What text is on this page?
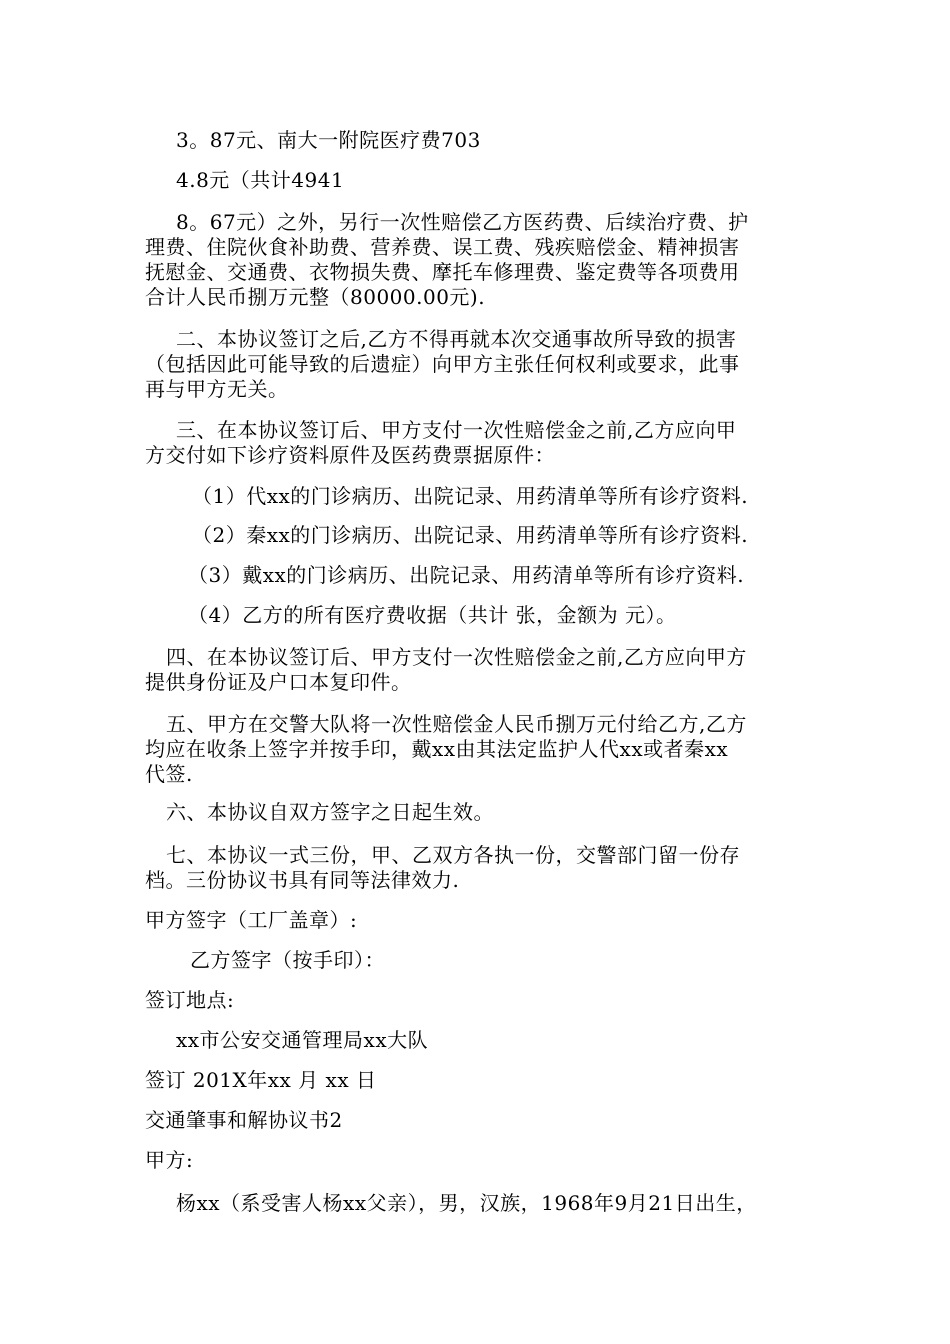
3。87元、南大一附院医疗费703
4.8元（共计4941
8。67元）之外，另行一次性赔偿乙方医药费、后续治疗费、护
理费、住院伙食补助费、营养费、误工费、残疾赔偿金、精神损害
抚慰金、交通费、衣物损失费、摩托车修理费、鉴定费等各项费用
合计人民币捌万元整（80000.00元).
二、本协议签订之后,乙方不得再就本次交通事故所导致的损害
（包括因此可能导致的后遗症）向甲方主张任何权利或要求，此事
再与甲方无关。
三、在本协议签订后、甲方支付一次性赔偿金之前,乙方应向甲
方交付如下诊疗资料原件及医药费票据原件：
（1）代xx的门诊病历、出院记录、用药清单等所有诊疗资料.
（2）秦xx的门诊病历、出院记录、用药清单等所有诊疗资料.
（3）戴xx的门诊病历、出院记录、用药清单等所有诊疗资料.
（4）乙方的所有医疗费收据（共计 张，金额为 元）。
四、在本协议签订后、甲方支付一次性赔偿金之前,乙方应向甲方
提供身份证及户口本复印件。
五、甲方在交警大队将一次性赔偿金人民币捌万元付给乙方,乙方
均应在收条上签字并按手印，戴xx由其法定监护人代xx或者秦xx
代签.
六、本协议自双方签字之日起生效。
七、本协议一式三份，甲、乙双方各执一份，交警部门留一份存
档。三份协议书具有同等法律效力.
甲方签字（工厂盖章）:
乙方签字（按手印）：
签订地点:
xx市公安交通管理局xx大队
签订 201X年xx 月 xx 日
交通肇事和解协议书2
甲方:
杨xx（系受害人杨xx父亲），男，汉族，1968年9月21日出生，
